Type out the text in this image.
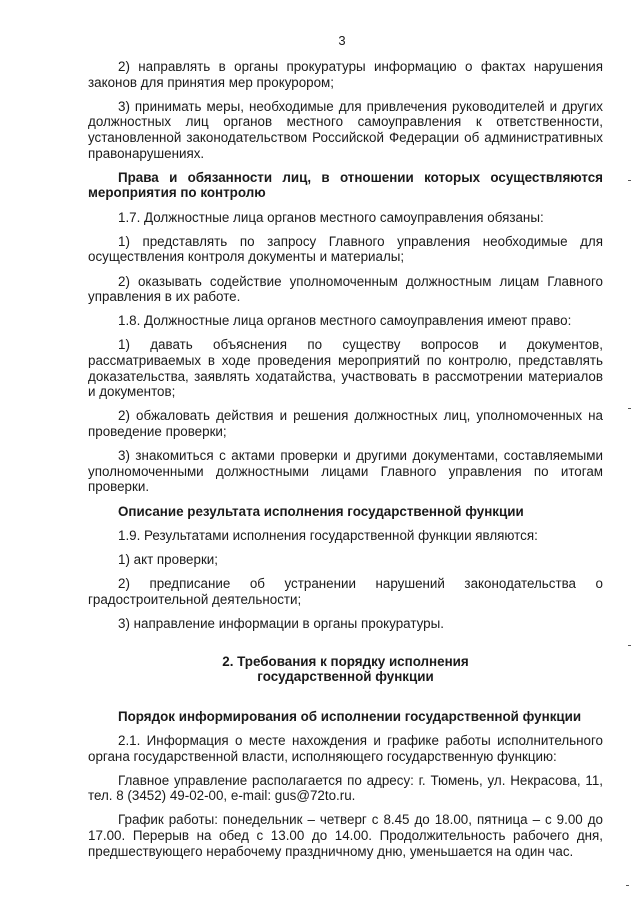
3

2) направлять в органы прокуратуры информацию о фактах нарушения законов для принятия мер прокурором;

3) принимать меры, необходимые для привлечения руководителей и других должностных лиц органов местного самоуправления к ответственности, установленной законодательством Российской Федерации об административных правонарушениях.

Права и обязанности лиц, в отношении которых осуществляются мероприятия по контролю

1.7. Должностные лица органов местного самоуправления обязаны:

1) представлять по запросу Главного управления необходимые для осуществления контроля документы и материалы;

2) оказывать содействие уполномоченным должностным лицам Главного управления в их работе.

1.8. Должностные лица органов местного самоуправления имеют право:

1) давать объяснения по существу вопросов и документов, рассматриваемых в ходе проведения мероприятий по контролю, представлять доказательства, заявлять ходатайства, участвовать в рассмотрении материалов и документов;

2) обжаловать действия и решения должностных лиц, уполномоченных на проведение проверки;

3) знакомиться с актами проверки и другими документами, составляемыми уполномоченными должностными лицами Главного управления по итогам проверки.

Описание результата исполнения государственной функции

1.9. Результатами исполнения государственной функции являются:

1) акт проверки;

2) предписание об устранении нарушений законодательства о градостроительной деятельности;

3) направление информации в органы прокуратуры.

2. Требования к порядку исполнения
государственной функции

Порядок информирования об исполнении государственной функции

2.1. Информация о месте нахождения и графике работы исполнительного органа государственной власти, исполняющего государственную функцию:

Главное управление располагается по адресу: г. Тюмень, ул. Некрасова, 11, тел. 8 (3452) 49-02-00, e-mail: gus@72to.ru.

График работы: понедельник – четверг с 8.45 до 18.00, пятница – с 9.00 до 17.00. Перерыв на обед с 13.00 до 14.00. Продолжительность рабочего дня, предшествующего нерабочему праздничному дню, уменьшается на один час.
